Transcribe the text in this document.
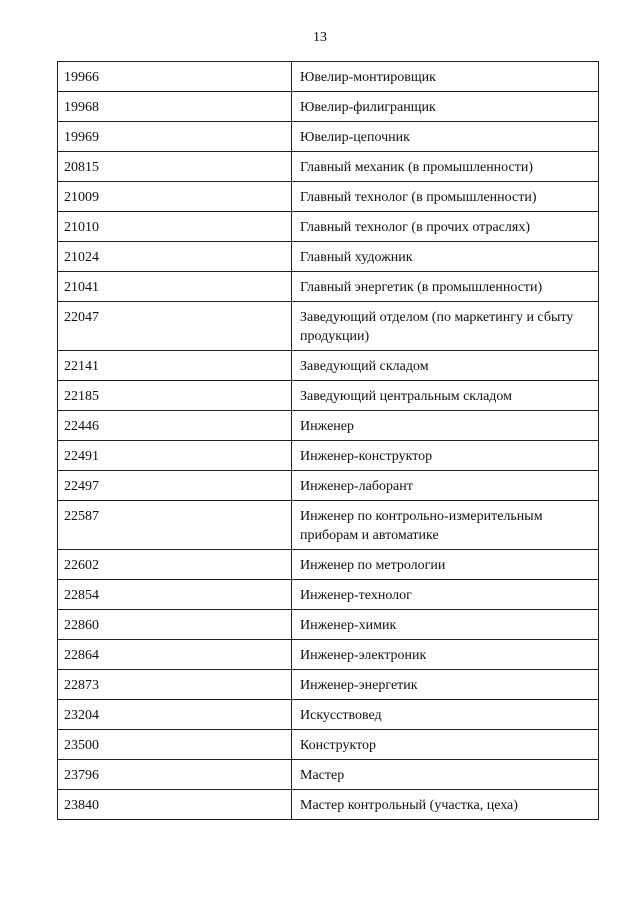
13
19966	Ювелир-монтировщик
19968	Ювелир-филигранщик
19969	Ювелир-цепочник
20815	Главный механик (в промышленности)
21009	Главный технолог (в промышленности)
21010	Главный технолог (в прочих отраслях)
21024	Главный художник
21041	Главный энергетик (в промышленности)
22047	Заведующий отделом (по маркетингу и сбыту продукции)
22141	Заведующий складом
22185	Заведующий центральным складом
22446	Инженер
22491	Инженер-конструктор
22497	Инженер-лаборант
22587	Инженер по контрольно-измерительным приборам и автоматике
22602	Инженер по метрологии
22854	Инженер-технолог
22860	Инженер-химик
22864	Инженер-электроник
22873	Инженер-энергетик
23204	Искусствовед
23500	Конструктор
23796	Мастер
23840	Мастер контрольный (участка, цеха)
